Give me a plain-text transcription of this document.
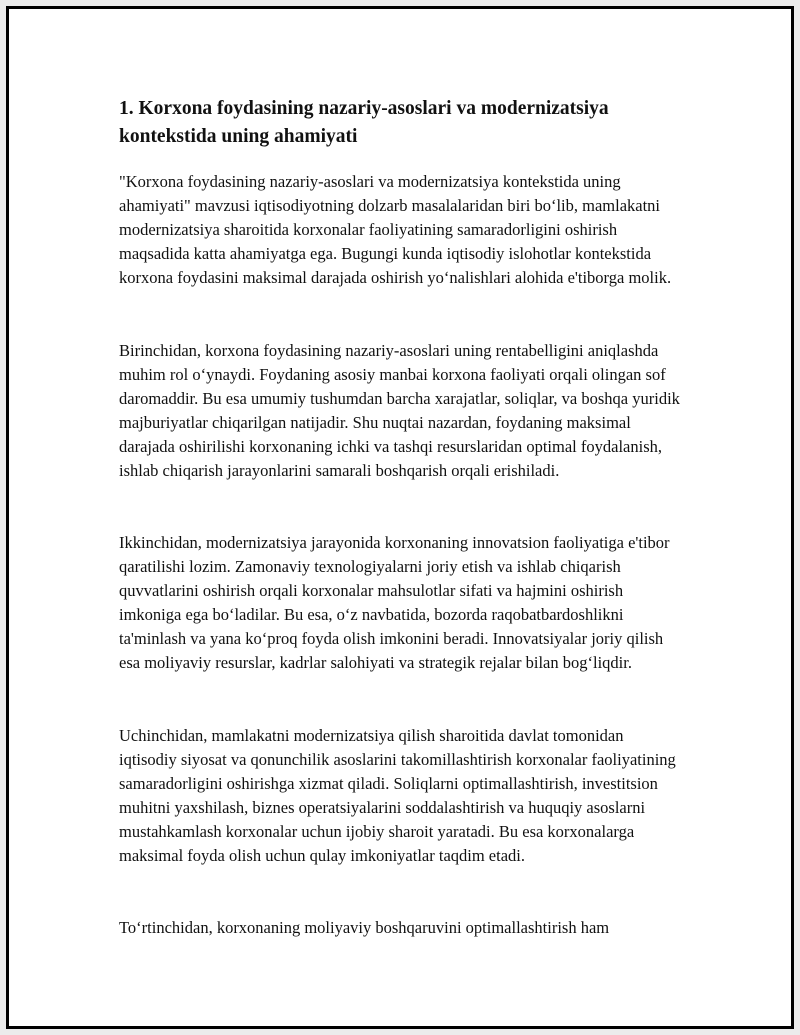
1. Korxona foydasining nazariy-asoslari va modernizatsiya kontekstida uning ahamiyati

"Korxona foydasining nazariy-asoslari va modernizatsiya kontekstida uning ahamiyati" mavzusi iqtisodiyotning dolzarb masalalaridan biri bo‘lib, mamlakatni modernizatsiya sharoitida korxonalar faoliyatining samaradorligini oshirish maqsadida katta ahamiyatga ega. Bugungi kunda iqtisodiy islohotlar kontekstida korxona foydasini maksimal darajada oshirish yo‘nalishlari alohida e'tiborga molik.

Birinchidan, korxona foydasining nazariy-asoslari uning rentabelligini aniqlashda muhim rol o‘ynaydi. Foydaning asosiy manbai korxona faoliyati orqali olingan sof daromaddir. Bu esa umumiy tushumdan barcha xarajatlar, soliqlar, va boshqa yuridik majburiyatlar chiqarilgan natijadir. Shu nuqtai nazardan, foydaning maksimal darajada oshirilishi korxonaning ichki va tashqi resurslaridan optimal foydalanish, ishlab chiqarish jarayonlarini samarali boshqarish orqali erishiladi.

Ikkinchidan, modernizatsiya jarayonida korxonaning innovatsion faoliyatiga e'tibor qaratilishi lozim. Zamonaviy texnologiyalarni joriy etish va ishlab chiqarish quvvatlarini oshirish orqali korxonalar mahsulotlar sifati va hajmini oshirish imkoniga ega bo‘ladilar. Bu esa, o‘z navbatida, bozorda raqobatbardoshlikni ta'minlash va yana ko‘proq foyda olish imkonini beradi. Innovatsiyalar joriy qilish esa moliyaviy resurslar, kadrlar salohiyati va strategik rejalar bilan bog‘liqdir.

Uchinchidan, mamlakatni modernizatsiya qilish sharoitida davlat tomonidan iqtisodiy siyosat va qonunchilik asoslarini takomillashtirish korxonalar faoliyatining samaradorligini oshirishga xizmat qiladi. Soliqlarni optimallashtirish, investitsion muhitni yaxshilash, biznes operatsiyalarini soddalashtirish va huquqiy asoslarni mustahkamlash korxonalar uchun ijobiy sharoit yaratadi. Bu esa korxonalarga maksimal foyda olish uchun qulay imkoniyatlar taqdim etadi.

To‘rtinchidan, korxonaning moliyaviy boshqaruvini optimallashtirish ham
